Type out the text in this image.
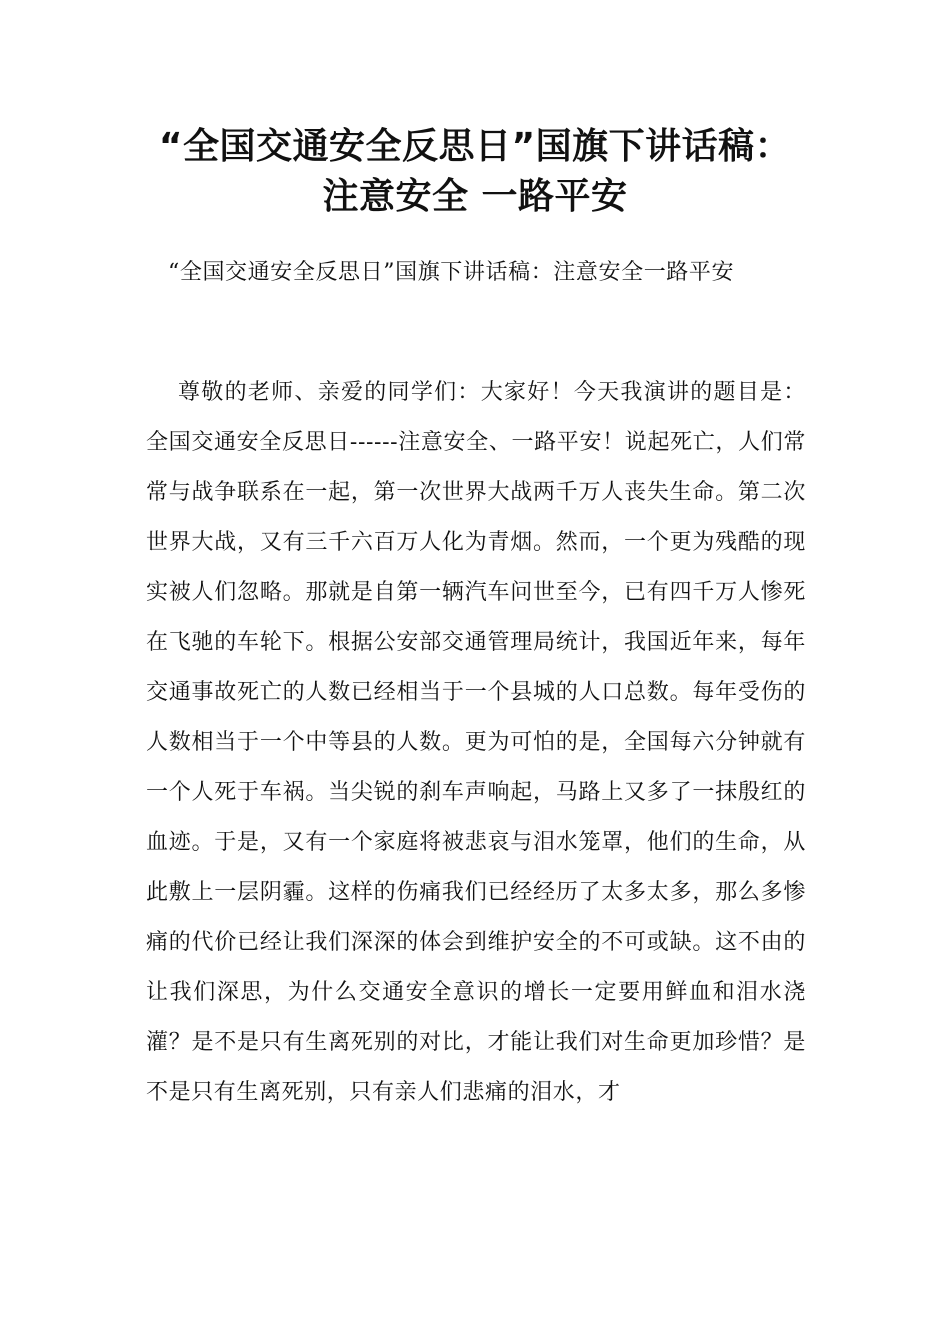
“全国交通安全反思日”国旗下讲话稿：
注意安全 一路平安

“全国交通安全反思日”国旗下讲话稿：注意安全一路平安

尊敬的老师、亲爱的同学们：大家好！今天我演讲的题目是：全国交通安全反思日------注意安全、一路平安！说起死亡，人们常常与战争联系在一起，第一次世界大战两千万人丧失生命。第二次世界大战，又有三千六百万人化为青烟。然而，一个更为残酷的现实被人们忽略。那就是自第一辆汽车问世至今，已有四千万人惨死在飞驰的车轮下。根据公安部交通管理局统计，我国近年来，每年交通事故死亡的人数已经相当于一个县城的人口总数。每年受伤的人数相当于一个中等县的人数。更为可怕的是，全国每六分钟就有一个人死于车祸。当尖锐的刹车声响起，马路上又多了一抹殷红的血迹。于是，又有一个家庭将被悲哀与泪水笼罩，他们的生命，从此敷上一层阴霾。这样的伤痛我们已经经历了太多太多，那么多惨痛的代价已经让我们深深的体会到维护安全的不可或缺。这不由的让我们深思，为什么交通安全意识的增长一定要用鲜血和泪水浇灌？是不是只有生离死别的对比，才能让我们对生命更加珍惜？是不是只有生离死别，只有亲人们悲痛的泪水，才
